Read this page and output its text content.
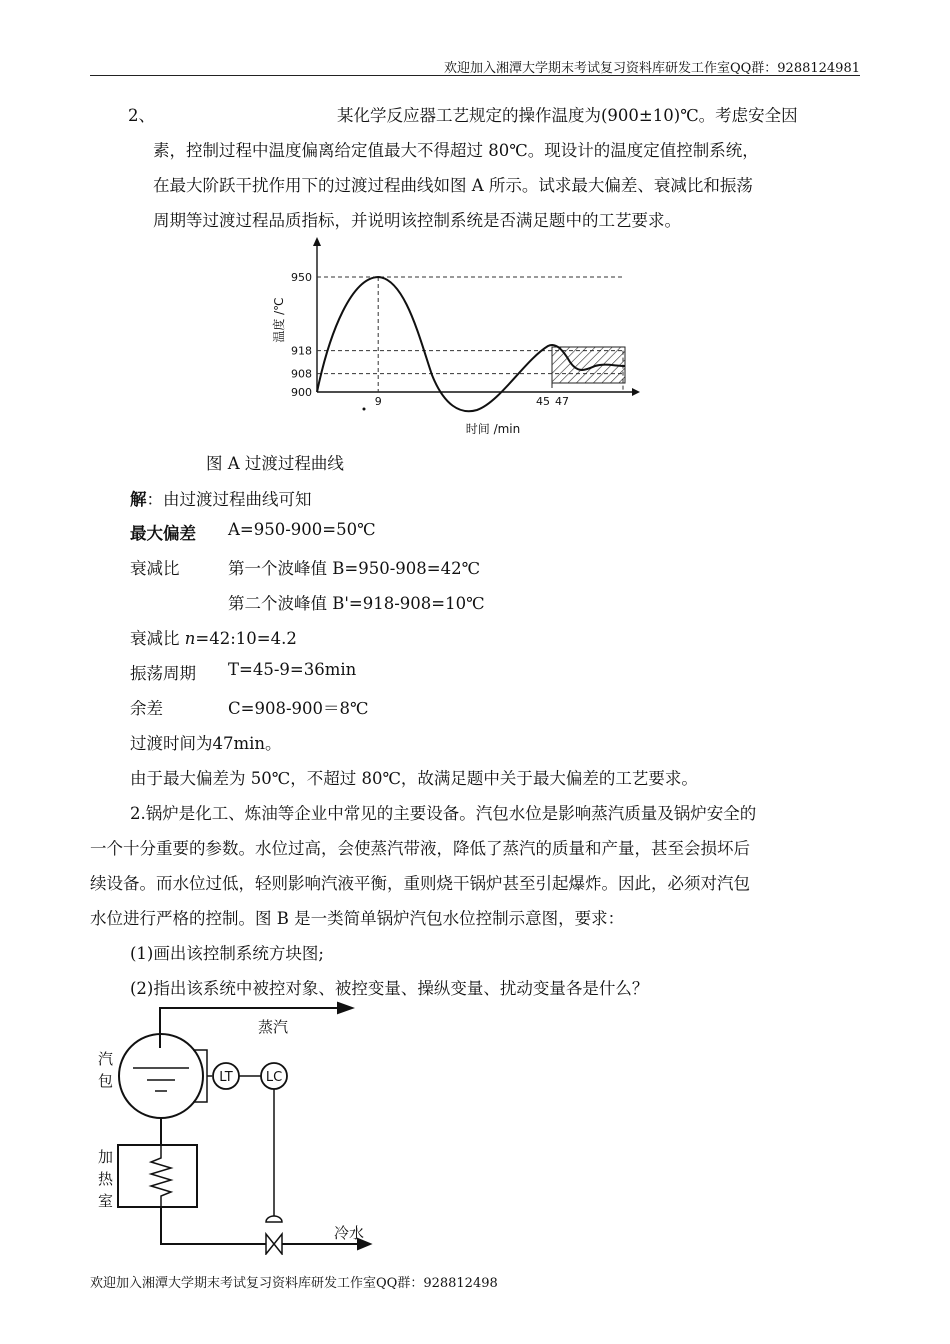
欢迎加入湘潭大学期末考试复习资料库研发工作室QQ群：9288124981
2、	某化学反应器工艺规定的操作温度为(900±10)℃。考虑安全因
素，控制过程中温度偏离给定值最大不得超过 80℃。现设计的温度定值控制系统，
在最大阶跃干扰作用下的过渡过程曲线如图 A 所示。试求最大偏差、衰减比和振荡
周期等过渡过程品质指标，并说明该控制系统是否满足题中的工艺要求。
950
918
908
900
9	45 47
时间 /min
温度 /℃
图 A 过渡过程曲线
解：由过渡过程曲线可知
最大偏差 A=950-900=50℃
衰减比	第一个波峰值 B=950-908=42℃
第二个波峰值 B'=918-908=10℃
衰减比 n=42:10=4.2
振荡周期 T=45-9=36min
余差	C=908-900＝8℃
过渡时间为47min。
由于最大偏差为 50℃，不超过 80℃，故满足题中关于最大偏差的工艺要求。
2.锅炉是化工、炼油等企业中常见的主要设备。汽包水位是影响蒸汽质量及锅炉安全的
一个十分重要的参数。水位过高，会使蒸汽带液，降低了蒸汽的质量和产量，甚至会损坏后
续设备。而水位过低，轻则影响汽液平衡，重则烧干锅炉甚至引起爆炸。因此，必须对汽包
水位进行严格的控制。图 B 是一类简单锅炉汽包水位控制示意图，要求：
(1)画出该控制系统方块图;
(2)指出该系统中被控对象、被控变量、操纵变量、扰动变量各是什么？
蒸汽
汽
包	LT	LC
加
热
室
冷水
欢迎加入湘潭大学期末考试复习资料库研发工作室QQ群：928812498
